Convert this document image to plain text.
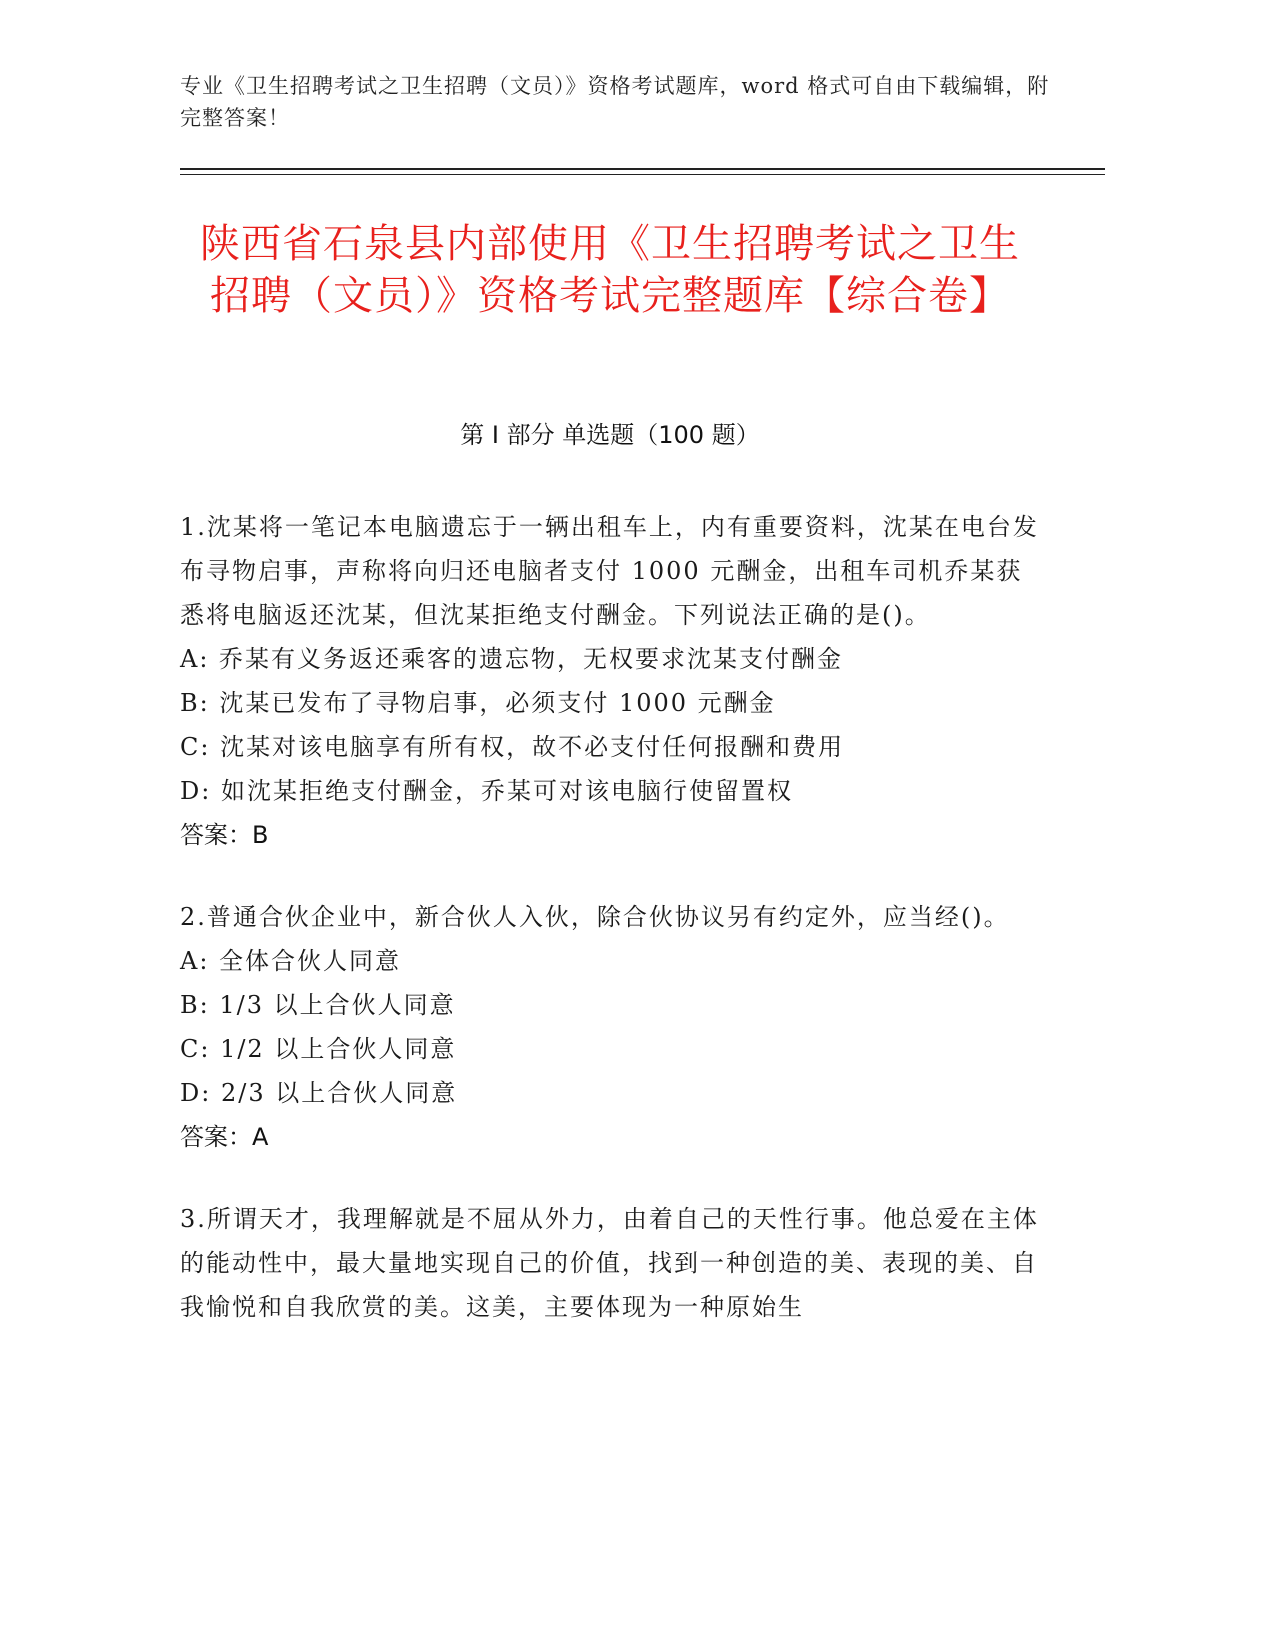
专业《卫生招聘考试之卫生招聘（文员）》资格考试题库，word 格式可自由下载编辑，附完整答案！
陕西省石泉县内部使用《卫生招聘考试之卫生招聘（文员）》资格考试完整题库【综合卷】
第 I 部分 单选题（100 题）
1.沈某将一笔记本电脑遗忘于一辆出租车上，内有重要资料，沈某在电台发布寻物启事，声称将向归还电脑者支付 1000 元酬金，出租车司机乔某获悉将电脑返还沈某，但沈某拒绝支付酬金。下列说法正确的是()。
A: 乔某有义务返还乘客的遗忘物，无权要求沈某支付酬金
B: 沈某已发布了寻物启事，必须支付 1000 元酬金
C: 沈某对该电脑享有所有权，故不必支付任何报酬和费用
D: 如沈某拒绝支付酬金，乔某可对该电脑行使留置权
答案：B
2.普通合伙企业中，新合伙人入伙，除合伙协议另有约定外，应当经()。
A: 全体合伙人同意
B: 1/3 以上合伙人同意
C: 1/2 以上合伙人同意
D: 2/3 以上合伙人同意
答案：A
3.所谓天才，我理解就是不屈从外力，由着自己的天性行事。他总爱在主体的能动性中，最大量地实现自己的价值，找到一种创造的美、表现的美、自我愉悦和自我欣赏的美。这美，主要体现为一种原始生
